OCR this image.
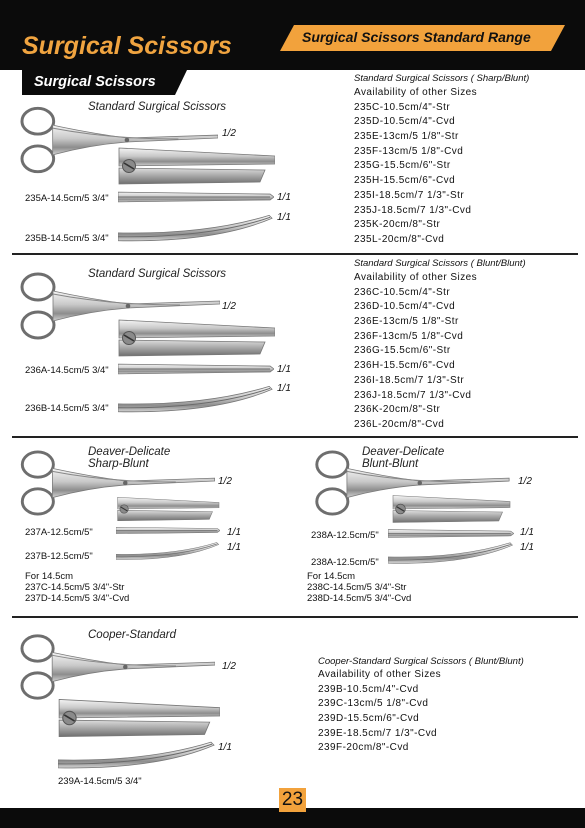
Surgical Scissors	Surgical Scissors Standard Range
Surgical Scissors
Standard Surgical Scissors
1/2
235A-14.5cm/5 3/4"	1/1
1/1
235B-14.5cm/5 3/4"
Standard Surgical Scissors ( Sharp/Blunt)
Availability of other Sizes
235C-10.5cm/4"-Str
235D-10.5cm/4"-Cvd
235E-13cm/5 1/8"-Str
235F-13cm/5 1/8"-Cvd
235G-15.5cm/6"-Str
235H-15.5cm/6"-Cvd
235I-18.5cm/7 1/3"-Str
235J-18.5cm/7 1/3"-Cvd
235K-20cm/8"-Str
235L-20cm/8"-Cvd
Standard Surgical Scissors
1/2
236A-14.5cm/5 3/4"	1/1
1/1
236B-14.5cm/5 3/4"
Standard Surgical Scissors ( Blunt/Blunt)
Availability of other Sizes
236C-10.5cm/4"-Str
236D-10.5cm/4"-Cvd
236E-13cm/5 1/8"-Str
236F-13cm/5 1/8"-Cvd
236G-15.5cm/6"-Str
236H-15.5cm/6"-Cvd
236I-18.5cm/7 1/3"-Str
236J-18.5cm/7 1/3"-Cvd
236K-20cm/8"-Str
236L-20cm/8"-Cvd
Deaver-Delicate
Sharp-Blunt
1/2
237A-12.5cm/5"	1/1
1/1
237B-12.5cm/5"
For 14.5cm
237C-14.5cm/5 3/4"-Str
237D-14.5cm/5 3/4"-Cvd
Deaver-Delicate
Blunt-Blunt
1/2
238A-12.5cm/5"	1/1
1/1
238A-12.5cm/5"
For 14.5cm
238C-14.5cm/5 3/4"-Str
238D-14.5cm/5 3/4"-Cvd
Cooper-Standard
1/2
1/1
239A-14.5cm/5 3/4"
Cooper-Standard Surgical Scissors ( Blunt/Blunt)
Availability of other Sizes
239B-10.5cm/4"-Cvd
239C-13cm/5 1/8"-Cvd
239D-15.5cm/6"-Cvd
239E-18.5cm/7 1/3"-Cvd
239F-20cm/8"-Cvd
23
